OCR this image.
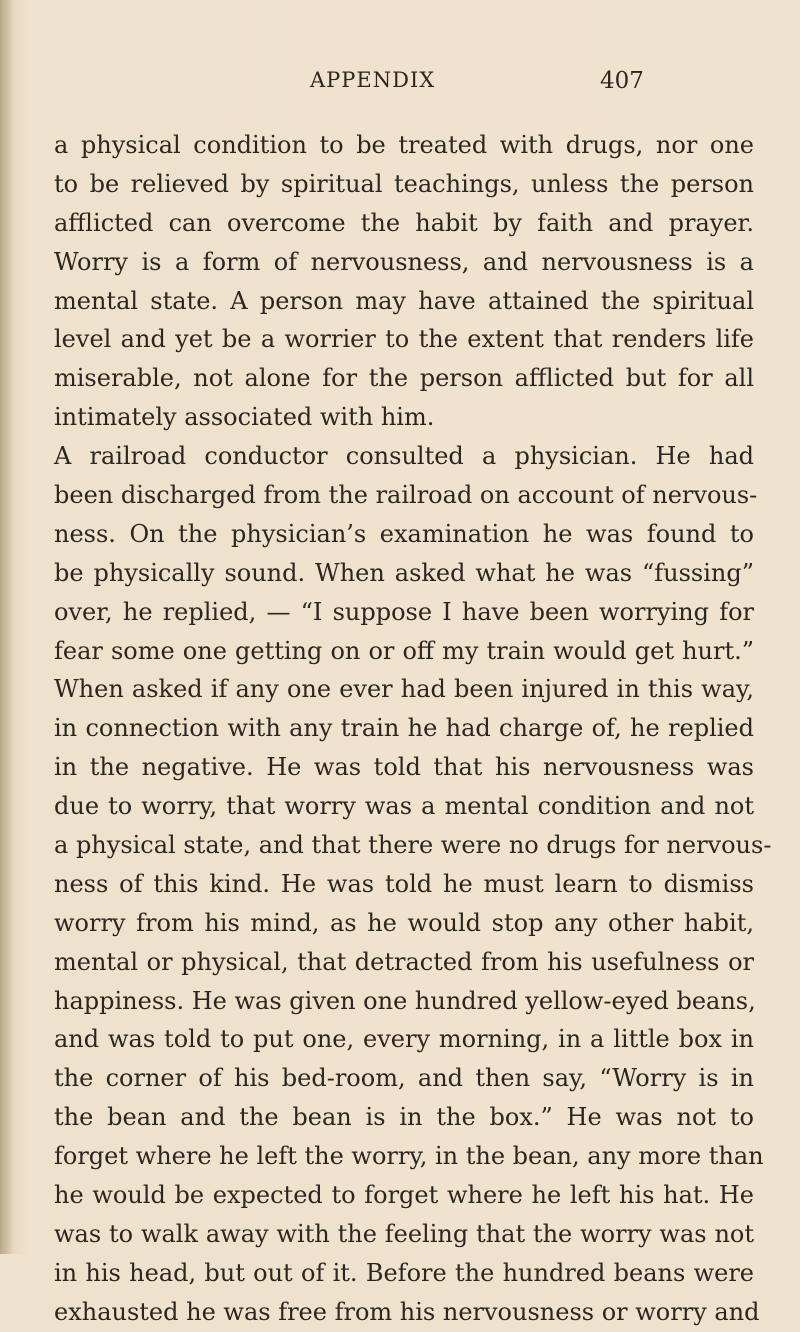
APPENDIX	407
a physical condition to be treated with drugs, nor one
to be relieved by spiritual teachings, unless the person
afflicted can overcome the habit by faith and prayer.
Worry is a form of nervousness, and nervousness is a
mental state. A person may have attained the spiritual
level and yet be a worrier to the extent that renders life
miserable, not alone for the person afflicted but for all
intimately associated with him.
A railroad conductor consulted a physician. He had
been discharged from the railroad on account of nervous-
ness. On the physician’s examination he was found to
be physically sound. When asked what he was “fussing”
over, he replied, — “I suppose I have been worrying for
fear some one getting on or off my train would get hurt.”
When asked if any one ever had been injured in this way,
in connection with any train he had charge of, he replied
in the negative. He was told that his nervousness was
due to worry, that worry was a mental condition and not
a physical state, and that there were no drugs for nervous-
ness of this kind. He was told he must learn to dismiss
worry from his mind, as he would stop any other habit,
mental or physical, that detracted from his usefulness or
happiness. He was given one hundred yellow-eyed beans,
and was told to put one, every morning, in a little box in
the corner of his bed-room, and then say, “Worry is in
the bean and the bean is in the box.” He was not to
forget where he left the worry, in the bean, any more than
he would be expected to forget where he left his hat. He
was to walk away with the feeling that the worry was not
in his head, but out of it. Before the hundred beans were
exhausted he was free from his nervousness or worry and
